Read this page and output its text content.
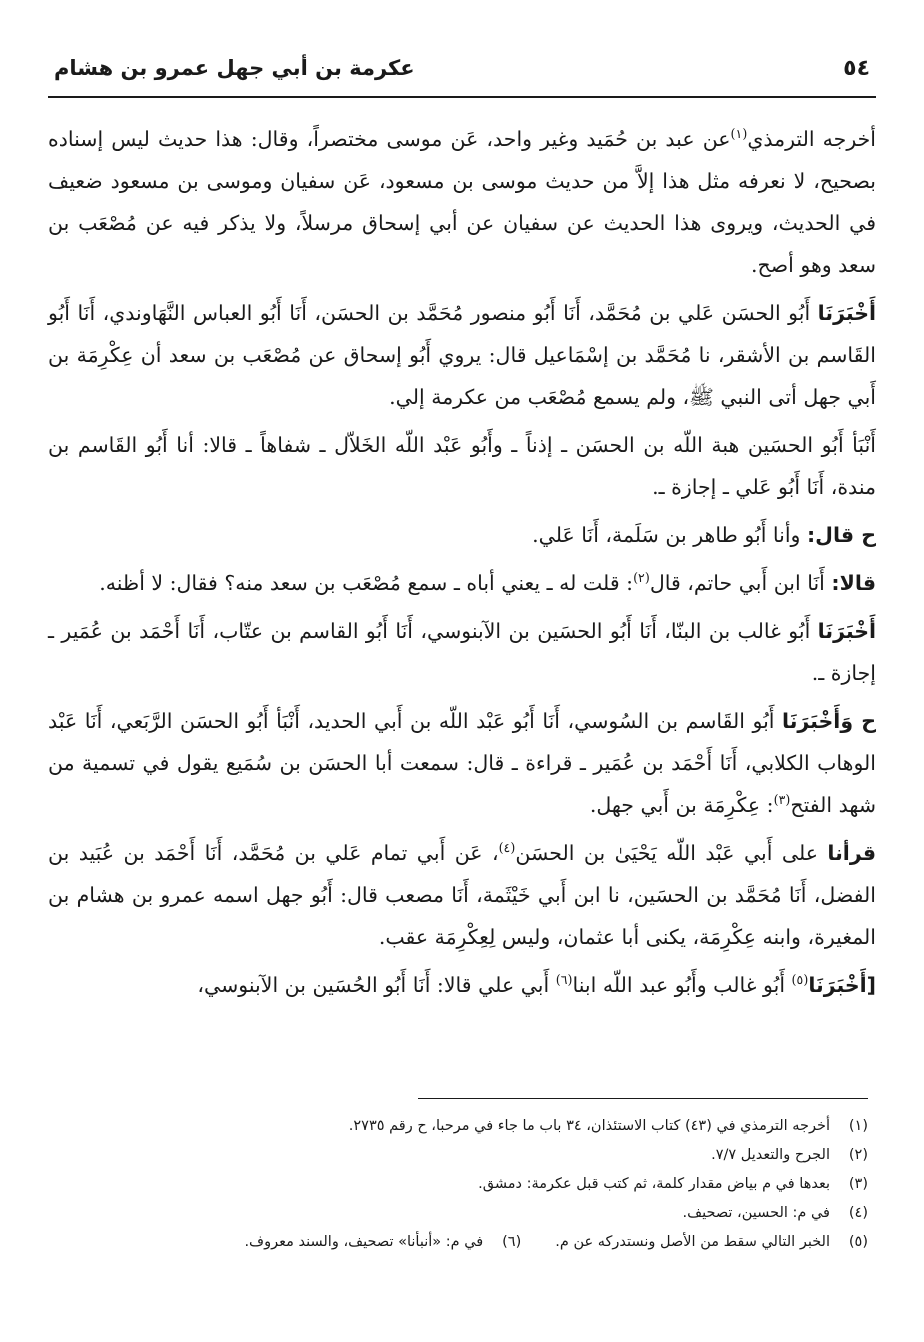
٥٤
عكرمة بن أبي جهل عمرو بن هشام

أخرجه الترمذي$^{(١)}$عن عبد بن حُمَيد وغير واحد، عَن موسى مختصراً، وقال: هذا حديث ليس إسناده بصحيح، لا نعرفه مثل هذا إلاَّ من حديث موسى بن مسعود، عَن سفيان وموسى بن مسعود ضعيف في الحديث، ويروى هذا الحديث عن سفيان عن أبي إسحاق مرسلاً، ولا يذكر فيه عن مُصْعَب بن سعد وهو أصح.

أَخْبَرَنَا أَبُو الحسَن عَلي بن مُحَمَّد، أَنَا أَبُو منصور مُحَمَّد بن الحسَن، أَنَا أَبُو العباس النَّهَاوندي، أَنَا أَبُو القَاسم بن الأشقر، نا مُحَمَّد بن إسْمَاعيل قال: يروي أَبُو إسحاق عن مُصْعَب بن سعد أن عِكْرِمَة بن أَبي جهل أتى النبي ﷺ، ولم يسمع مُصْعَب من عكرمة إلي.

أَنْبَأ أَبُو الحسَين هبة اللّه بن الحسَن ـ إذناً ـ وأَبُو عَبْد اللّه الخَلاّل ـ شفاهاً ـ قالا: أنا أَبُو القَاسم بن مندة، أَنَا أَبُو عَلي ـ إجازة ـ.

ح قال: وأنا أَبُو طاهر بن سَلَمة، أَنَا عَلي.

قالا: أَنَا ابن أَبي حاتم، قال$^{(٢)}$: قلت له ـ يعني أباه ـ سمع مُصْعَب بن سعد منه؟ فقال: لا أظنه.

أَخْبَرَنَا أَبُو غالب بن البنّا، أَنَا أَبُو الحسَين بن الآبنوسي، أَنَا أَبُو القاسم بن عتّاب، أَنَا أَحْمَد بن عُمَير ـ إجازة ـ.

ح وَأَخْبَرَنَا أَبُو القَاسم بن السُوسي، أَنَا أَبُو عَبْد اللّه بن أَبي الحديد، أَنْبَأ أَبُو الحسَن الرَّبَعي، أَنَا عَبْد الوهاب الكلابي، أَنَا أَحْمَد بن عُمَير ـ قراءة ـ قال: سمعت أبا الحسَن بن سُمَيع يقول في تسمية من شهد الفتح$^{(٣)}$: عِكْرِمَة بن أَبي جهل.

قرأنا على أَبي عَبْد اللّه يَحْيَىٰ بن الحسَن$^{(٤)}$، عَن أَبي تمام عَلي بن مُحَمَّد، أَنَا أَحْمَد بن عُبَيد بن الفضل، أَنَا مُحَمَّد بن الحسَين، نا ابن أَبي خَيْثَمة، أَنَا مصعب قال: أَبُو جهل اسمه عمرو بن هشام بن المغيرة، وابنه عِكْرِمَة، يكنى أبا عثمان، وليس لِعِكْرِمَة عقب.

[أَخْبَرَنَا$^{(٥)}$ أَبُو غالب وأَبُو عبد اللّه ابنا$^{(٦)}$ أَبي علي قالا: أَنَا أَبُو الحُسَين بن الآبنوسي،

(١)
أخرجه الترمذي في (٤٣) كتاب الاستئذان، ٣٤ باب ما جاء في مرحبا، ح رقم ٢٧٣٥.
(٢)
الجرح والتعديل ٧/٧.
(٣)
بعدها في م بياض مقدار كلمة، ثم كتب قبل عكرمة: دمشق.
(٤)
في م: الحسين، تصحيف.
(٥)
الخبر التالي سقط من الأصل ونستدركه عن م.
(٦)
في م: «أنبأنا» تصحيف، والسند معروف.
